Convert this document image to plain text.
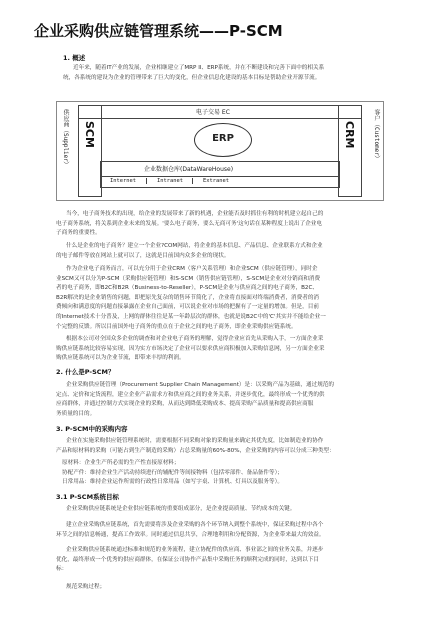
企业采购供应链管理系统——P-SCM
1. 概述
近年来，随着IT产业的发展，企业相继建立了MRP II、ERP系统，并在不断建设和完善下面中的相关系
统，各系统的建设为企业的管理带来了巨大的变化，但企业信息化建设的基本目标是帮助企业开源节流。
供应商（Supplier）	客户（Customer）
电子交易 EC
SCM	CRM
ERP
企业数据仓库(DataWareHouse)
Internet	Intranet	Extranet
当今，电子商务技术的出现，给企业的发展带来了新的机遇，企业能否及时抓住有利的时机建立起自己的
电子商务系统，将关系到企业未来的发展。'要么电子商务，要么无商可务'这句话在某种程度上说出了企业电
子商务的重要性。
什么是企业的电子商务？建立一个企业?COM网站，将企业的基本信息、产品信息、企业联系方式和企业
的电子邮件等放在网站上就可以了，这就是目前国内众多企业的现状。
作为企业电子商务而言，可以充分用于企业CRM（客户关系管理）和企业SCM（供应链管理），同时企
业SCM又可以分为P-SCM（采购供应链管理）和S-SCM（销售供应链管理），S-SCM是企业对分销商和消费
者的电子商务，即B2C和B2R（Business-to-Reseller），P-SCM是企业与供应商之间的电子商务，B2C、
B2R解决的是企业销售的问题，即把原先复杂的销售环节简化了，企业将直接面对终端消费者，消费者的消
费倾向和满意度的问题直接暴露在企业自己面前，可以说企业对市场的把握有了一定量的增加。但是，目前
的Internet技术十分普及，上网的群体往往是某一年龄层次的群体，也就是说B2C中的'C'其实并不能给企业一
个完整的反馈。所以目前国外电子商务的重点在于企业之间的电子商务，即企业采购供应链系统。
根据本公司对全国众多企业的调查和对企业电子商务的理解，觉得企业应首先从采购入手，一方面企业采
购供应链系统比较容易实现，因为实方市场决定了企业可以要求供应商积极加入采购信息网，另一方面企业采
购供应链系统可以为企业节流，即带来丰厚的利润。
2. 什么是P-SCM？
企业采购供应链管理（Procurement Supplier Chain Management）是：以采购产品为基础，通过规范的
定点、定价和定货流程，建立企业产品需求方和供应商之间的业务关系，并逐步优化，最终形成一个优秀的供
应商群体，并通过控制方式实现企业的采购，从而达到降低采购成本、提高采购产品质量和提高供应商服
务质量的目的。
3. P-SCM中的采购内容
企业在实施采购供应链管理系统时，需要根据不同采购对象的采购量来确定其优先度，比如制造业的协作
产品和原材料的采购（可能占到生产制造的采购）占总采购量的60%-80%，企业采购的内容可以分成三种类型：
原材料：企业生产所必需的生产性直接原材料；
协配产件：维持企业生产活动持续进行的辅配件等间接物料（包括零部件、备品备件等）；
日常用品：维持企业运作所需的行政性日常用品（如写字桌、计算机、灯具以及服务等）。
3.1 P-SCM系统目标
企业采购供应链系统是企业供应链系统的重要组成部分，是企业提高质量、节约成本的关键。
建立企业采购供应链系统，首先需要将涉及企业采购的各个环节纳入到整个系统中，保证采购过程中各个
环节之间的信息畅通，提高工作效率。同时通过信息共享，合理地利用和分配资源，为企业带来最大的效益。
企业采购供应链系统通过标准和规范的业务流程，建立协配件的供应商、事业部之间的业务关系，并逐步
优化，最终形成一个优秀的供应商群体，在保证公司协作产品集中采购任务的顺利完成的同时，达到以下目
标：
规范采购过程；
